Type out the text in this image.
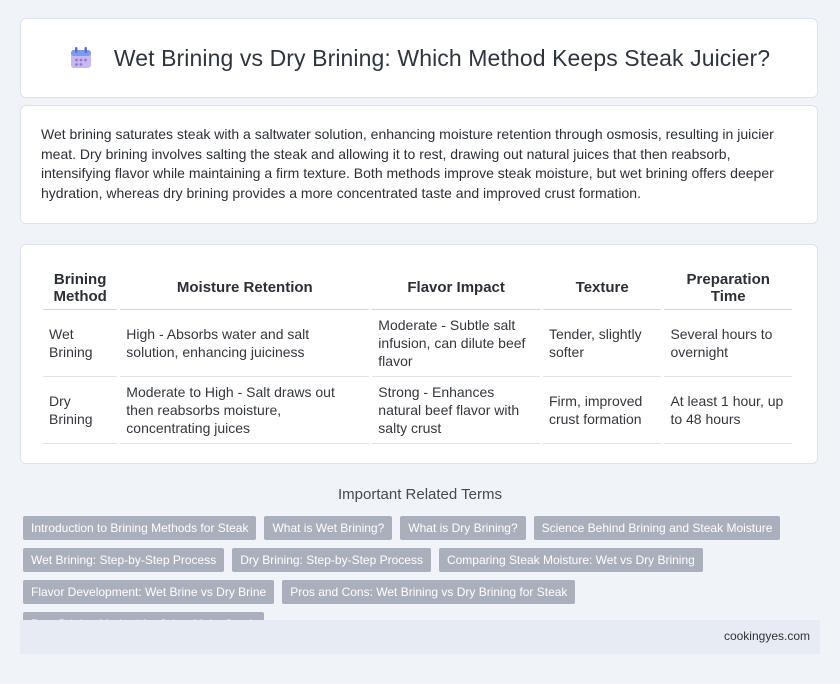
Wet Brining vs Dry Brining: Which Method Keeps Steak Juicier?

Wet brining saturates steak with a saltwater solution, enhancing moisture retention through osmosis, resulting in juicier meat. Dry brining involves salting the steak and allowing it to rest, drawing out natural juices that then reabsorb, intensifying flavor while maintaining a firm texture. Both methods improve steak moisture, but wet brining offers deeper hydration, whereas dry brining provides a more concentrated taste and improved crust formation.

Brining Method	Moisture Retention	Flavor Impact	Texture	Preparation Time
Wet Brining	High - Absorbs water and salt solution, enhancing juiciness	Moderate - Subtle salt infusion, can dilute beef flavor	Tender, slightly softer	Several hours to overnight
Dry Brining	Moderate to High - Salt draws out then reabsorbs moisture, concentrating juices	Strong - Enhances natural beef flavor with salty crust	Firm, improved crust formation	At least 1 hour, up to 48 hours
Important Related Terms
Introduction to Brining Methods for Steak	What is Wet Brining?	What is Dry Brining?	Science Behind Brining and Steak Moisture
Wet Brining: Step-by-Step Process	Dry Brining: Step-by-Step Process	Comparing Steak Moisture: Wet vs Dry Brining
Flavor Development: Wet Brine vs Dry Brine	Pros and Cons: Wet Brining vs Dry Brining for Steak
cookingyes.com
